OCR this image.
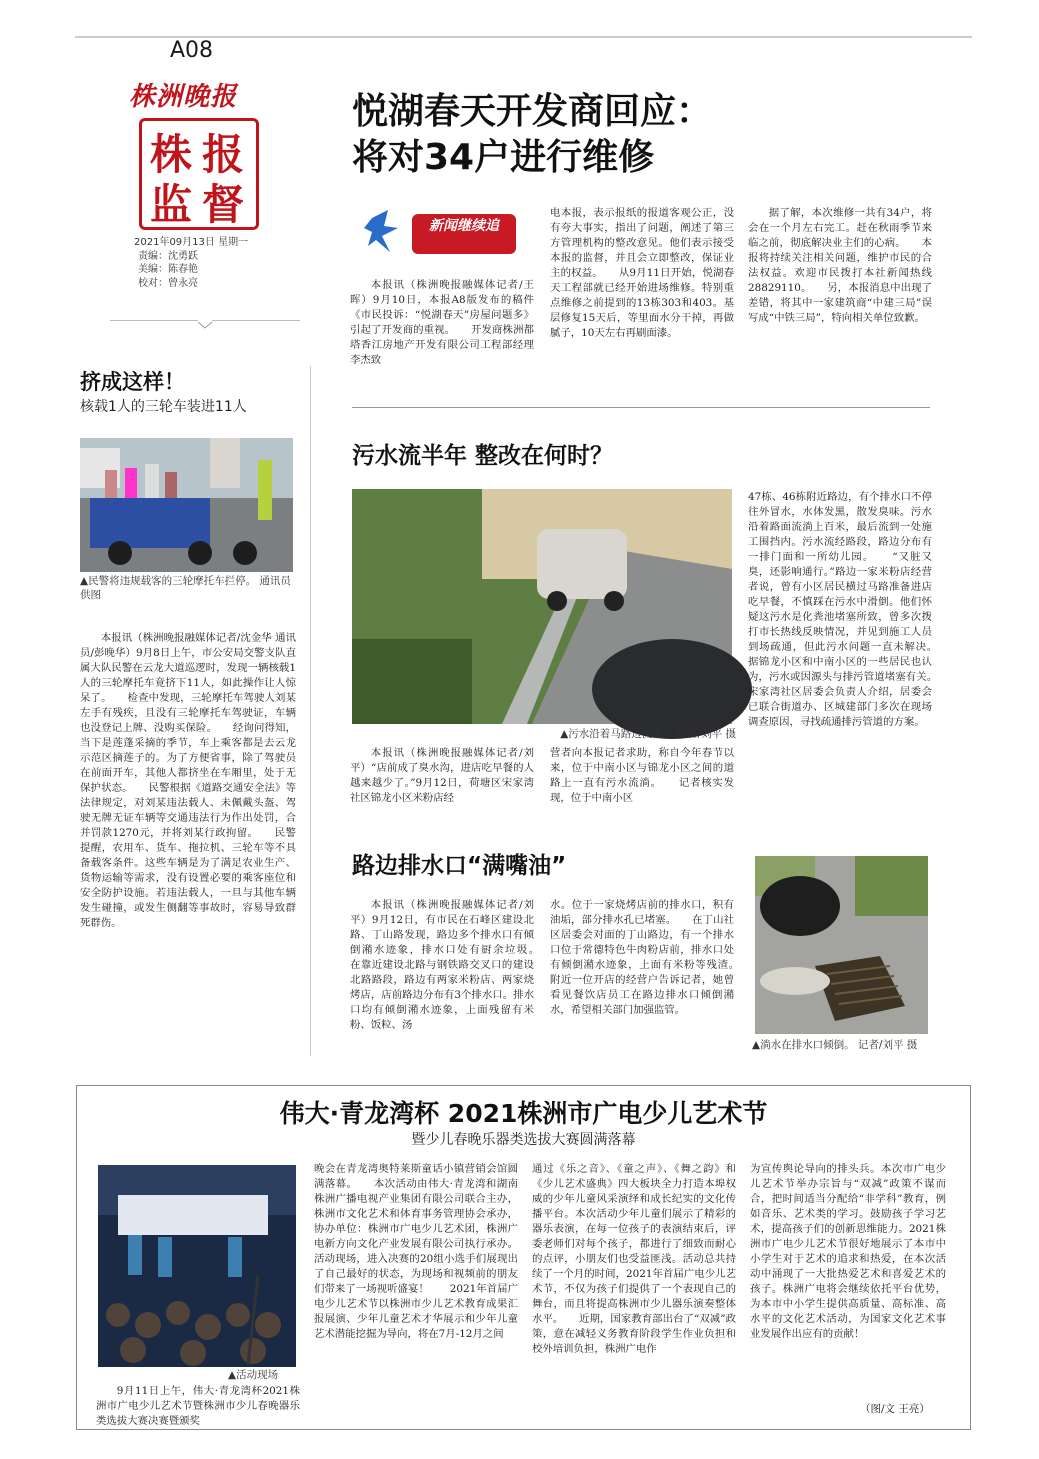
A08
株洲晚报
株 报
监 督
2021年09月13日 星期一
责编：沈勇跃
美编：陈春艳
校对：曾永亮
悦湖春天开发商回应：
将对34户进行维修
新闻继续追
本报讯（株洲晚报融媒体记者/王晖）9月10日，本报A8版发布的稿件《市民投诉：“悦湖春天”房屋问题多》引起了开发商的重视。　　开发商株洲都塔香江房地产开发有限公司工程部经理李杰致
电本报，表示报纸的报道客观公正，没有夸大事实，指出了问题，阐述了第三方管理机构的整改意见。他们表示接受本报的监督，并且会立即整改，保证业主的权益。　　从9月11日开始，悦湖春天工程部就已经开始进场维修。特别重点维修之前提到的13栋303和403。基层修复15天后，等里面水分干掉，再做腻子，10天左右再刷面漆。
据了解，本次维修一共有34户，将会在一个月左右完工。赶在秋雨季节来临之前，彻底解决业主们的心病。　　本报将持续关注相关问题，维护市民的合法权益。欢迎市民拨打本社新闻热线28829110。　　另，本报消息中出现了差错，将其中一家建筑商“中建三局”误写成“中铁三局”，特向相关单位致歉。
挤成这样！
核载1人的三轮车装进11人
▲民警将违规载客的三轮摩托车拦停。 通讯员供图
本报讯（株洲晚报融媒体记者/沈金华 通讯员/彭晚华）9月8日上午，市公安局交警支队直属大队民警在云龙大道巡逻时，发现一辆核载1人的三轮摩托车竟挤下11人，如此操作让人惊呆了。　　检查中发现，三轮摩托车驾驶人刘某左手有残疾，且没有三轮摩托车驾驶证，车辆也没登记上牌、没购买保险。　　经询问得知，当下是莲蓬采摘的季节，车上乘客都是去云龙示范区摘莲子的。为了方便省事，除了驾驶员在前面开车，其他人都挤坐在车厢里，处于无保护状态。　　民警根据《道路交通安全法》等法律规定，对刘某违法载人、未佩戴头盔、驾驶无牌无证车辆等交通违法行为作出处罚，合并罚款1270元，并将刘某行政拘留。　　民警提醒，农用车、货车、拖拉机、三轮车等不具备载客条件。这些车辆是为了满足农业生产、货物运输等需求，没有设置必要的乘客座位和安全防护设施。若违法载人，一旦与其他车辆发生碰撞，或发生侧翻等事故时，容易导致群死群伤。
污水流半年 整改在何时？
▲污水沿着马路边流淌。 记者/刘平 摄
本报讯（株洲晚报融媒体记者/刘平）“店前成了臭水沟，进店吃早餐的人越来越少了。”9月12日，荷塘区宋家湾社区锦龙小区米粉店经
营者向本报记者求助，称自今年春节以来，位于中南小区与锦龙小区之间的道路上一直有污水流淌。　　记者核实发现，位于中南小区
47栋、46栋附近路边，有个排水口不停往外冒水，水体发黑，散发臭味。污水沿着路面流淌上百米，最后流到一处施工围挡内。污水流经路段，路边分布有一排门面和一所幼儿园。　　“又脏又臭，还影响通行。”路边一家米粉店经营者说，曾有小区居民横过马路准备进店吃早餐，不慎踩在污水中滑倒。他们怀疑这污水是化粪池堵塞所致，曾多次拨打市长热线反映情况，并见到施工人员到场疏通，但此污水问题一直未解决。　　据锦龙小区和中南小区的一些居民也认为，污水或因源头与排污管道堵塞有关。　　宋家湾社区居委会负责人介绍，居委会已联合街道办、区城建部门多次在现场调查原因，寻找疏通排污管道的方案。
路边排水口“满嘴油”
本报讯（株洲晚报融媒体记者/刘平）9月12日，有市民在石峰区建设北路、丁山路发现，路边多个排水口有倾倒潲水迹象，排水口处有厨余垃圾。　　在靠近建设北路与钢铁路交叉口的建设北路路段，路边有两家米粉店、两家烧烤店，店前路边分布有3个排水口。排水口均有倾倒潲水迹象，上面残留有米粉、饭粒、汤
水。位于一家烧烤店前的排水口，积有油垢，部分排水孔已堵塞。　　在丁山社区居委会对面的丁山路边，有一个排水口位于常德特色牛肉粉店前，排水口处有倾倒潲水迹象，上面有米粉等残渣。　　附近一位开店的经营户告诉记者，她曾看见餐饮店员工在路边排水口倾倒潲水，希望相关部门加强监管。
▲淌水在排水口倾倒。 记者/刘平 摄
伟大·青龙湾杯 2021株洲市广电少儿艺术节
暨少儿春晚乐器类选拔大赛圆满落幕
▲活动现场
9月11日上午，伟大·青龙湾杯2021株洲市广电少儿艺术节暨株洲市少儿春晚器乐类选拔大赛决赛暨颁奖
晚会在青龙湾奥特莱斯童话小镇营销会馆圆满落幕。　　本次活动由伟大·青龙湾和湖南株洲广播电视产业集团有限公司联合主办，株洲市文化艺术和体育事务管理协会承办，协办单位：株洲市广电少儿艺术团，株洲广电新方向文化产业发展有限公司执行承办。活动现场，进入决赛的20组小选手们展现出了自己最好的状态，为现场和视频前的朋友们带来了一场视听盛宴！　　2021年首届广电少儿艺术节以株洲市少儿艺术教育成果汇报展演、少年儿童艺术才华展示和少年儿童艺术潜能挖掘为导向，将在7月-12月之间
通过《乐之音》、《童之声》、《舞之韵》和《少儿艺术盛典》四大板块全力打造本埠权威的少年儿童风采演绎和成长纪实的文化传播平台。本次活动少年儿童们展示了精彩的器乐表演，在每一位孩子的表演结束后，评委老师们对每个孩子，都进行了细致而耐心的点评，小朋友们也受益匪浅。活动总共持续了一个月的时间，2021年首届广电少儿艺术节，不仅为孩子们提供了一个表现自己的舞台，而且将提高株洲市少儿器乐演奏整体水平。　　近期，国家教育部出台了“双减”政策，意在减轻义务教育阶段学生作业负担和校外培训负担，株洲广电作
为宣传舆论导向的排头兵。本次市广电少儿艺术节举办宗旨与“双减”政策不谋而合，把时间适当分配给“非学科”教育，例如音乐、艺术类的学习。鼓励孩子学习艺术，提高孩子们的创新思维能力。2021株洲市广电少儿艺术节很好地展示了本市中小学生对于艺术的追求和热爱，在本次活动中涌现了一大批热爱艺术和喜爱艺术的孩子。株洲广电将会继续依托平台优势，为本市中小学生提供高质量、高标准、高水平的文化艺术活动，为国家文化艺术事业发展作出应有的贡献！
（图/文 王亮）
